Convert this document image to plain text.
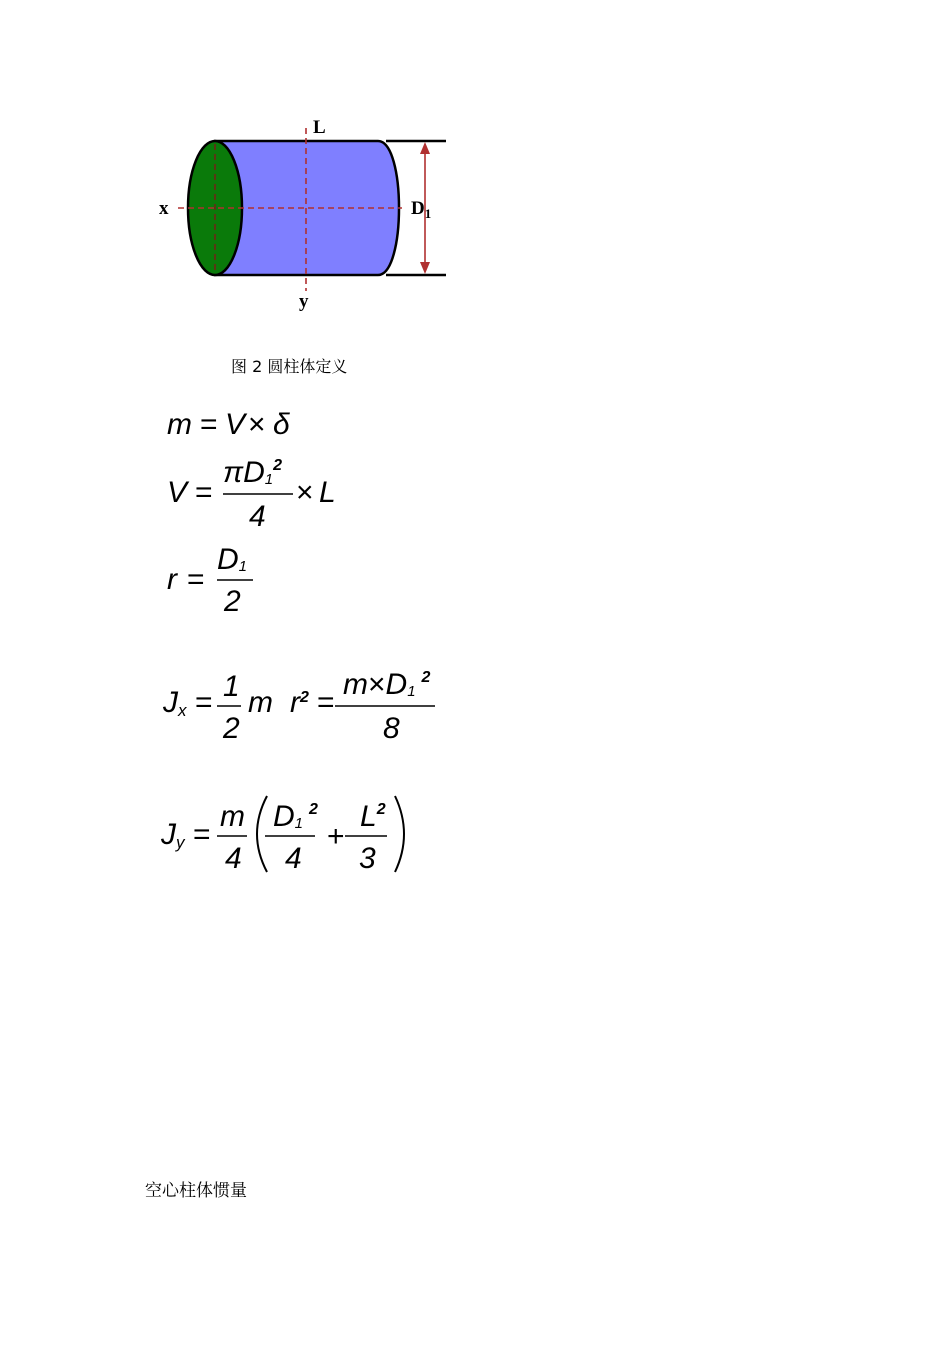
L
x
y
$D_1$
图 2 圆柱体定义
m = V × δ
V =
$\pi D1^2$
4
× L
r =
D1
2
Jx = 1
2
m $r^2$ =
$m\times D1^2$
8
Jy =
m
4
$D1^2$
4
+
$L^2$
3
空心柱体惯量
